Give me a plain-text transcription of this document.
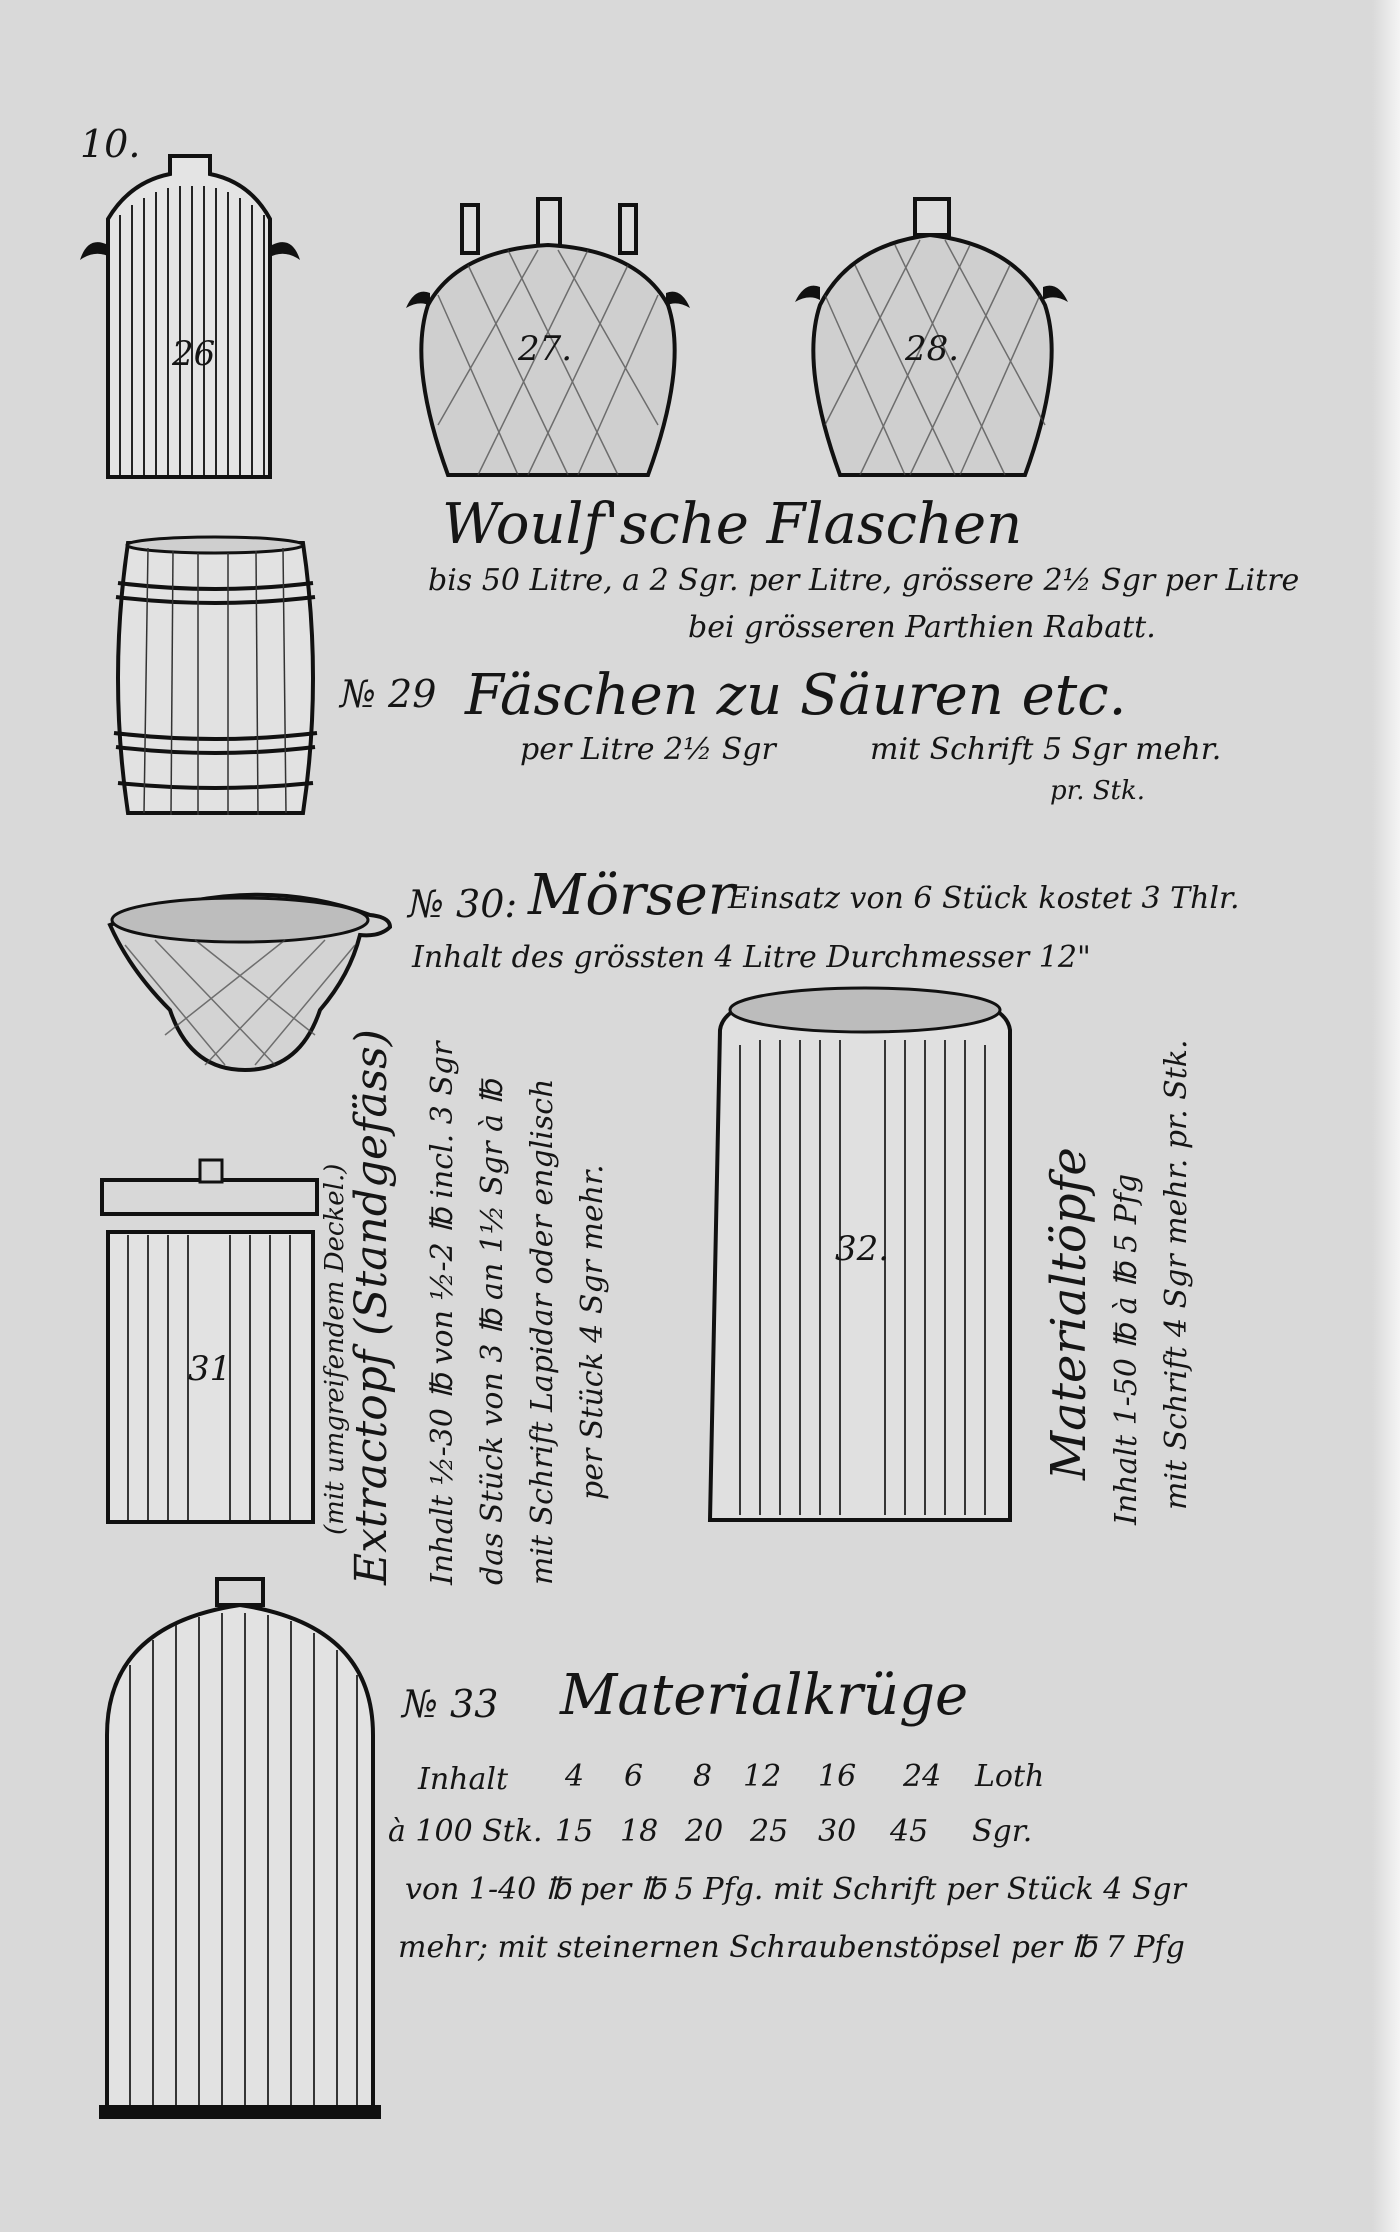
10.
26	27.	28.
Woulf'sche Flaschen
bis 50 Litre, a 2 Sgr. per Litre, grössere 2½ Sgr per Litre
bei grösseren Parthien Rabatt.
№ 29 Fäschen zu Säuren etc.
per Litre 2½ Sgr	mit Schrift 5 Sgr mehr.
pr. Stk.
№ 30: Mörser
Einsatz von 6 Stück kostet 3 Thlr.
Inhalt des grössten 4 Litre Durchmesser 12"
32.
31	(mit umgreifendem Deckel.)
Extractopf (Standgefäss) Inhalt ½-30 ℔ von ½-2 ℔ incl. 3 Sgr das Stück von 3 ℔ an 1½ Sgr à ℔ mit Schrift Lapidar oder englisch per Stück 4 Sgr mehr.	Materialtöpfe Inhalt 1-50 ℔ à ℔ 5 Pfg mit Schrift 4 Sgr mehr. pr. Stk.
№ 33 Materialkrüge
Inhalt 4 6 8 12 16 24 Loth
à 100 Stk. 15 18 20 25 30 45 Sgr.
von 1-40 ℔ per ℔ 5 Pfg. mit Schrift per Stück 4 Sgr
mehr; mit steinernen Schraubenstöpsel per ℔ 7 Pfg
